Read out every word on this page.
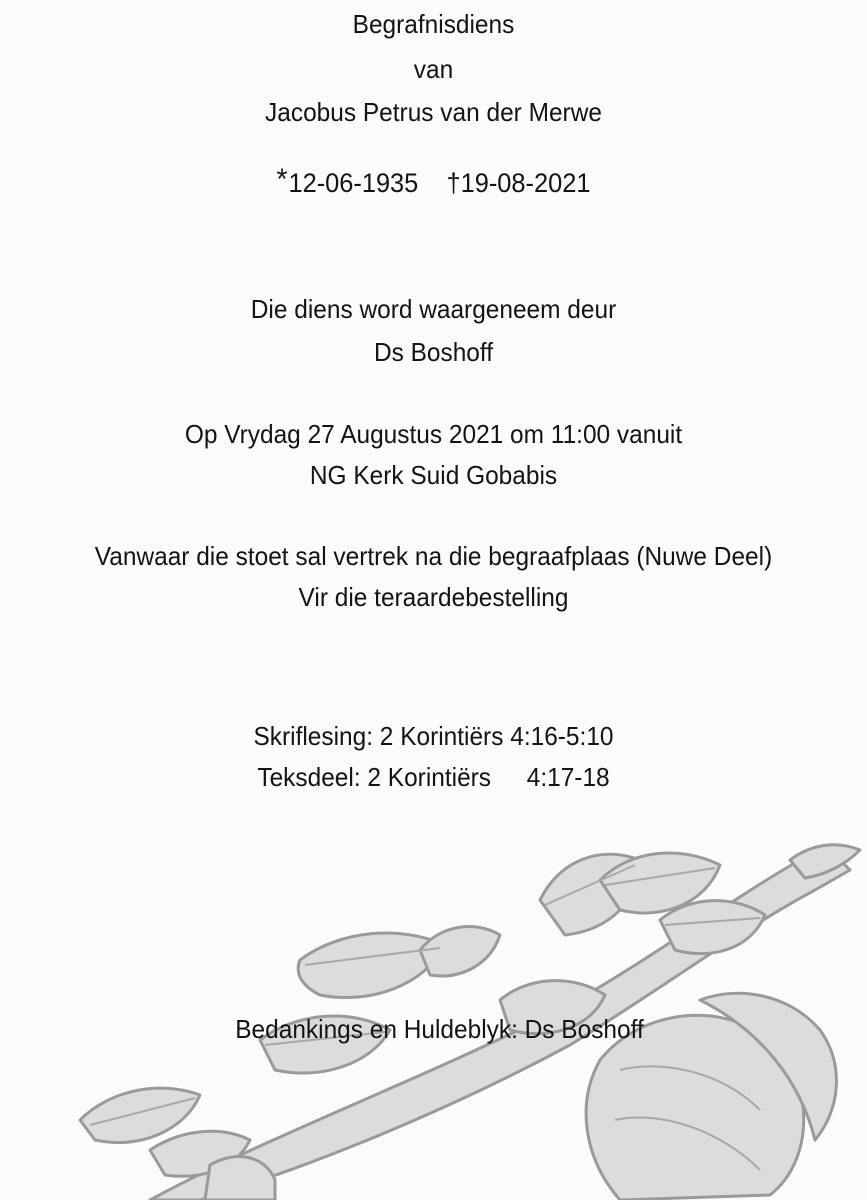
Begrafnisdiens
van
Jacobus Petrus van der Merwe
*12-06-1935 †19-08-2021
Die diens word waargeneem deur
Ds Boshoff
Op Vrydag 27 Augustus 2021 om 11:00 vanuit
NG Kerk Suid Gobabis
Vanwaar die stoet sal vertrek na die begraafplaas (Nuwe Deel)
Vir die teraardebestelling
Skriflesing: 2 Korintiërs 4:16-5:10
Teksdeel: 2 Korintiërs 4:17-18
Bedankings en Huldeblyk: Ds Boshoff
